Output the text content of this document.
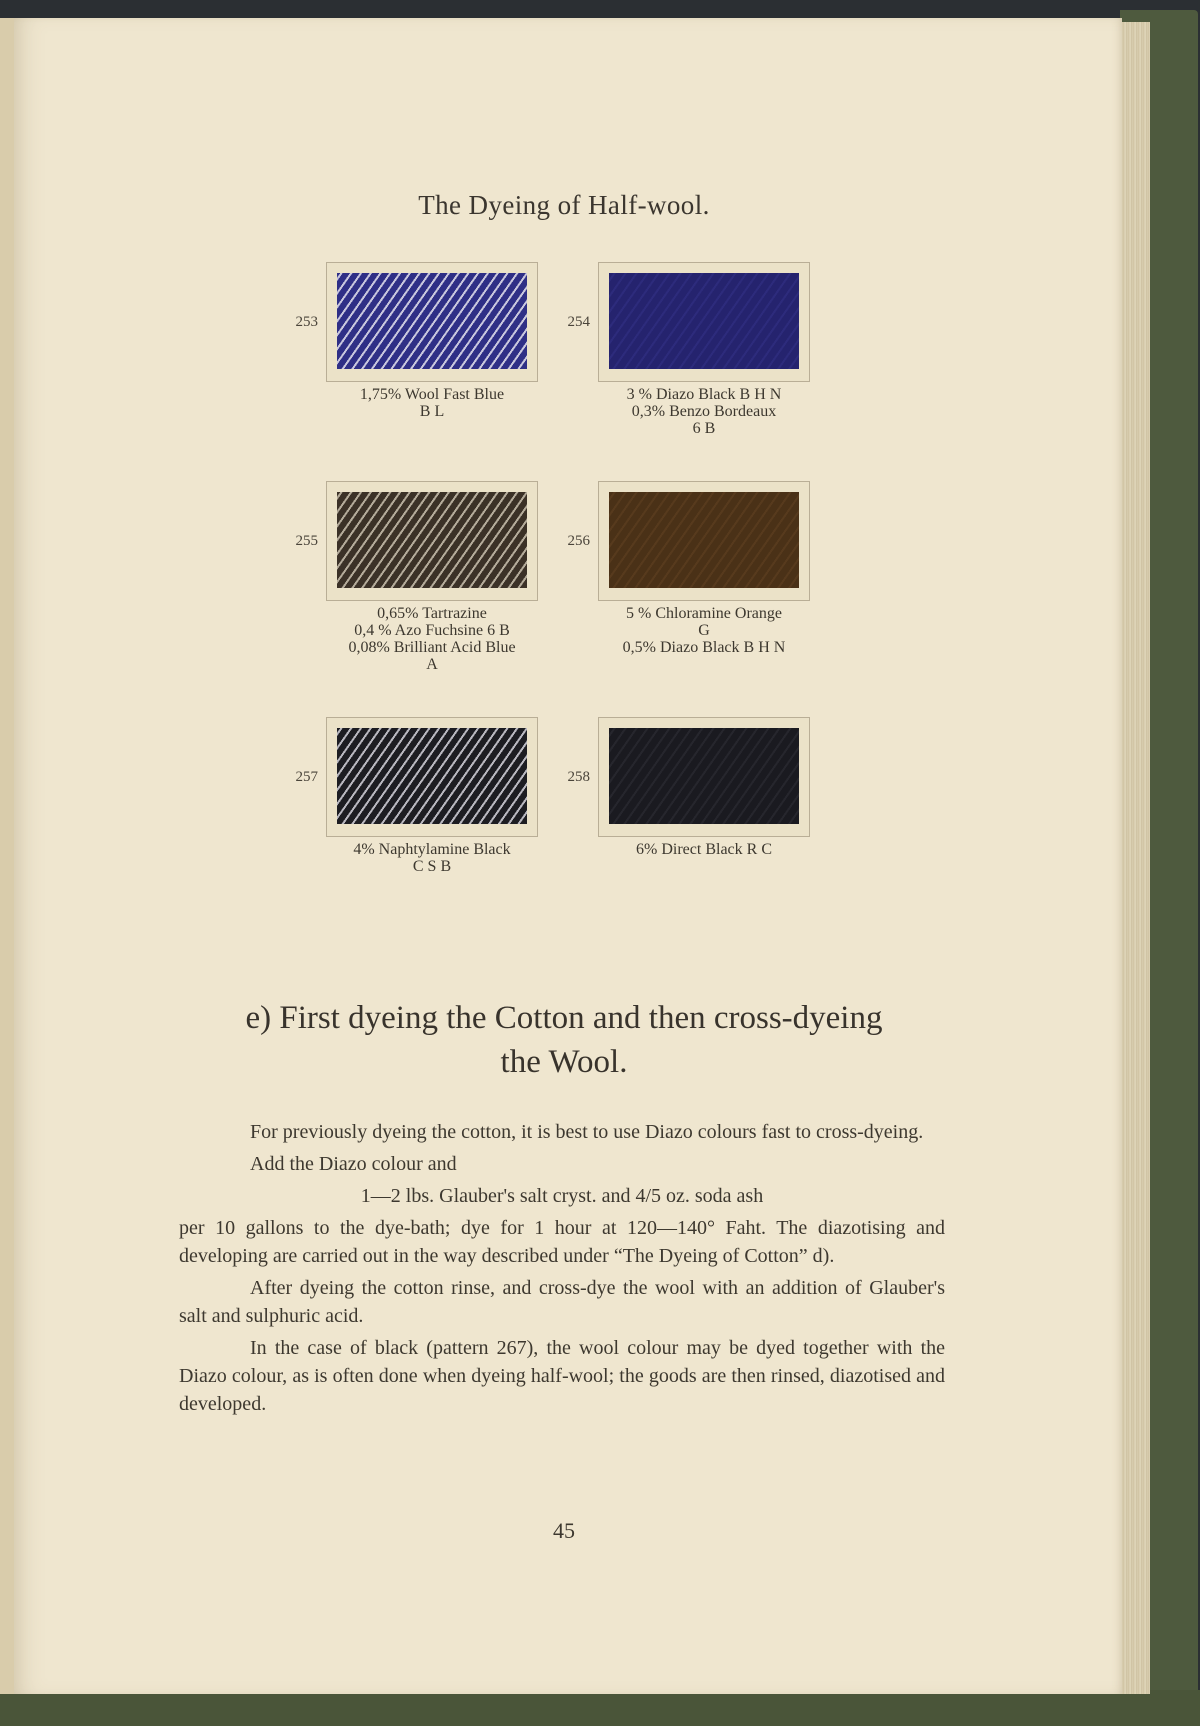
The Dyeing of Half-wool.
253
1,75% Wool Fast Blue
B L
254
3 % Diazo Black B H N
0,3% Benzo Bordeaux
6 B
255
0,65% Tartrazine
0,4 % Azo Fuchsine 6 B
0,08% Brilliant Acid Blue
A
256
5 % Chloramine Orange
G
0,5% Diazo Black B H N
257
4% Naphtylamine Black
C S B
258
6% Direct Black R C
e) First dyeing the Cotton and then cross-dyeing
the Wool.

For previously dyeing the cotton, it is best to use Diazo colours fast to cross-dyeing.

Add the Diazo colour and

1—2 lbs. Glauber's salt cryst. and 4/5 oz. soda ash

per 10 gallons to the dye-bath; dye for 1 hour at 120—140° Faht. The diazotising and developing are carried out in the way described under “The Dyeing of Cotton” d).

After dyeing the cotton rinse, and cross-dye the wool with an addition of Glauber's salt and sulphuric acid.

In the case of black (pattern 267), the wool colour may be dyed together with the Diazo colour, as is often done when dyeing half-wool; the goods are then rinsed, diazotised and developed.

45
